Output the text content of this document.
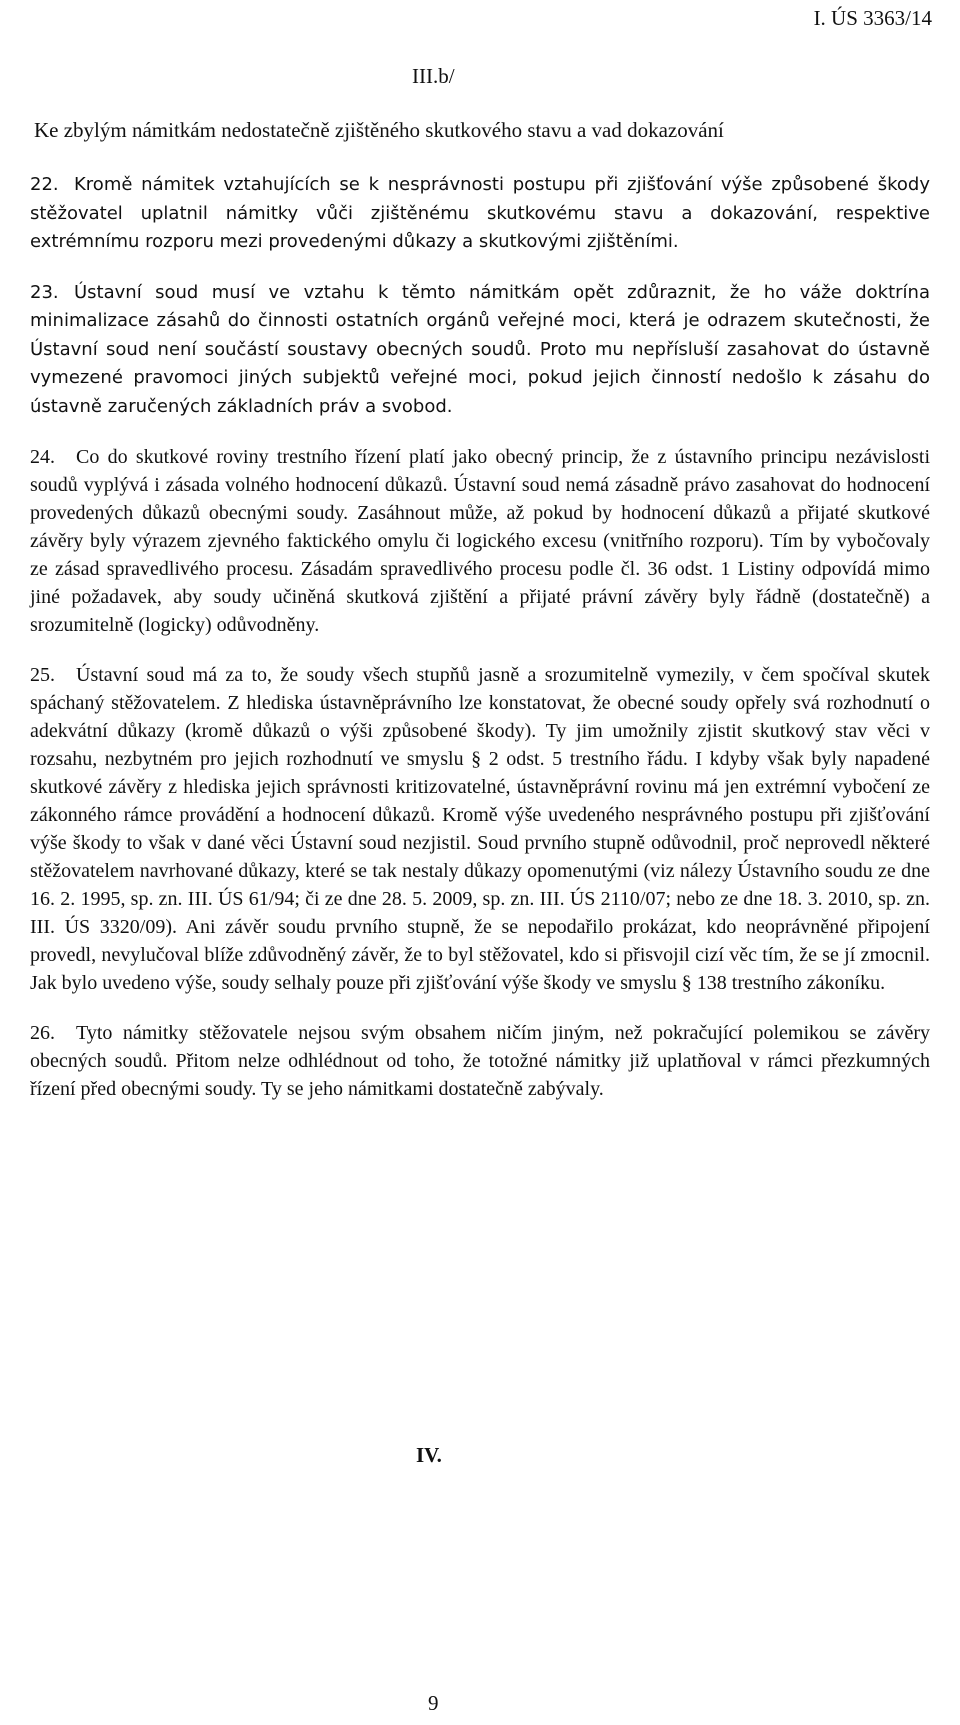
I. ÚS 3363/14
III.b/
Ke zbylým námitkám nedostatečně zjištěného skutkového stavu a vad dokazování

22. Kromě námitek vztahujících se k nesprávnosti postupu při zjišťování výše způsobené škody stěžovatel uplatnil námitky vůči zjištěnému skutkovému stavu a dokazování, respektive extrémnímu rozporu mezi provedenými důkazy a skutkovými zjištěními.

23. Ústavní soud musí ve vztahu k těmto námitkám opět zdůraznit, že ho váže doktrína minimalizace zásahů do činnosti ostatních orgánů veřejné moci, která je odrazem skutečnosti, že Ústavní soud není součástí soustavy obecných soudů. Proto mu nepřísluší zasahovat do ústavně vymezené pravomoci jiných subjektů veřejné moci, pokud jejich činností nedošlo k zásahu do ústavně zaručených základních práv a svobod.

24. Co do skutkové roviny trestního řízení platí jako obecný princip, že z ústavního principu nezávislosti soudů vyplývá i zásada volného hodnocení důkazů. Ústavní soud nemá zásadně právo zasahovat do hodnocení provedených důkazů obecnými soudy. Zasáhnout může, až pokud by hodnocení důkazů a přijaté skutkové závěry byly výrazem zjevného faktického omylu či logického excesu (vnitřního rozporu). Tím by vybočovaly ze zásad spravedlivého procesu. Zásadám spravedlivého procesu podle čl. 36 odst. 1 Listiny odpovídá mimo jiné požadavek, aby soudy učiněná skutková zjištění a přijaté právní závěry byly řádně (dostatečně) a srozumitelně (logicky) odůvodněny.

25. Ústavní soud má za to, že soudy všech stupňů jasně a srozumitelně vymezily, v čem spočíval skutek spáchaný stěžovatelem. Z hlediska ústavněprávního lze konstatovat, že obecné soudy opřely svá rozhodnutí o adekvátní důkazy (kromě důkazů o výši způsobené škody). Ty jim umožnily zjistit skutkový stav věci v rozsahu, nezbytném pro jejich rozhodnutí ve smyslu § 2 odst. 5 trestního řádu. I kdyby však byly napadené skutkové závěry z hlediska jejich správnosti kritizovatelné, ústavněprávní rovinu má jen extrémní vybočení ze zákonného rámce provádění a hodnocení důkazů. Kromě výše uvedeného nesprávného postupu při zjišťování výše škody to však v dané věci Ústavní soud nezjistil. Soud prvního stupně odůvodnil, proč neprovedl některé stěžovatelem navrhované důkazy, které se tak nestaly důkazy opomenutými (viz nálezy Ústavního soudu ze dne 16. 2. 1995, sp. zn. III. ÚS 61/94; či ze dne 28. 5. 2009, sp. zn. III. ÚS 2110/07; nebo ze dne 18. 3. 2010, sp. zn. III. ÚS 3320/09). Ani závěr soudu prvního stupně, že se nepodařilo prokázat, kdo neoprávněné připojení provedl, nevylučoval blíže zdůvodněný závěr, že to byl stěžovatel, kdo si přisvojil cizí věc tím, že se jí zmocnil. Jak bylo uvedeno výše, soudy selhaly pouze při zjišťování výše škody ve smyslu § 138 trestního zákoníku.

26. Tyto námitky stěžovatele nejsou svým obsahem ničím jiným, než pokračující polemikou se závěry obecných soudů. Přitom nelze odhlédnout od toho, že totožné námitky již uplatňoval v rámci přezkumných řízení před obecnými soudy. Ty se jeho námitkami dostatečně zabývaly.

IV.
9
